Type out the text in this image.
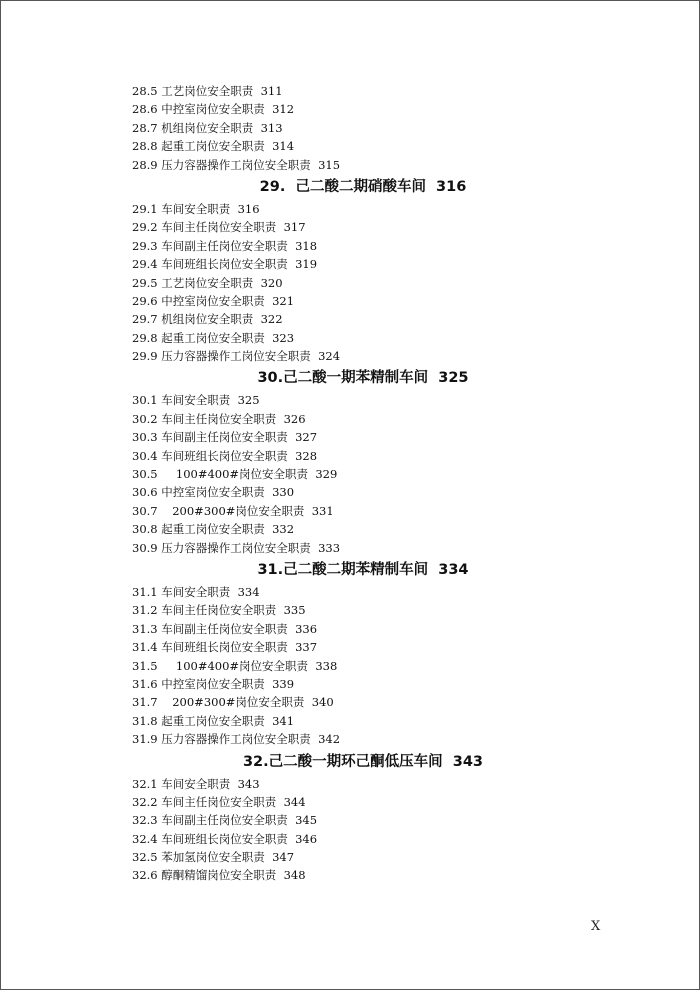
28.5 工艺岗位安全职责  311
28.6 中控室岗位安全职责  312
28.7 机组岗位安全职责  313
28.8 起重工岗位安全职责  314
28.9 压力容器操作工岗位安全职责  315
29.  己二酸二期硝酸车间  316
29.1 车间安全职责  316
29.2 车间主任岗位安全职责  317
29.3 车间副主任岗位安全职责  318
29.4 车间班组长岗位安全职责  319
29.5 工艺岗位安全职责  320
29.6 中控室岗位安全职责  321
29.7 机组岗位安全职责  322
29.8 起重工岗位安全职责  323
29.9 压力容器操作工岗位安全职责  324
30.己二酸一期苯精制车间  325
30.1 车间安全职责  325
30.2 车间主任岗位安全职责  326
30.3 车间副主任岗位安全职责  327
30.4 车间班组长岗位安全职责  328
30.5     100#400#岗位安全职责  329
30.6 中控室岗位安全职责  330
30.7    200#300#岗位安全职责  331
30.8 起重工岗位安全职责  332
30.9 压力容器操作工岗位安全职责  333
31.己二酸二期苯精制车间  334
31.1 车间安全职责  334
31.2 车间主任岗位安全职责  335
31.3 车间副主任岗位安全职责  336
31.4 车间班组长岗位安全职责  337
31.5     100#400#岗位安全职责  338
31.6 中控室岗位安全职责  339
31.7    200#300#岗位安全职责  340
31.8 起重工岗位安全职责  341
31.9 压力容器操作工岗位安全职责  342
32.己二酸一期环己酮低压车间  343
32.1 车间安全职责  343
32.2 车间主任岗位安全职责  344
32.3 车间副主任岗位安全职责  345
32.4 车间班组长岗位安全职责  346
32.5 苯加氢岗位安全职责  347
32.6 醇酮精馏岗位安全职责  348
Ⅹ
